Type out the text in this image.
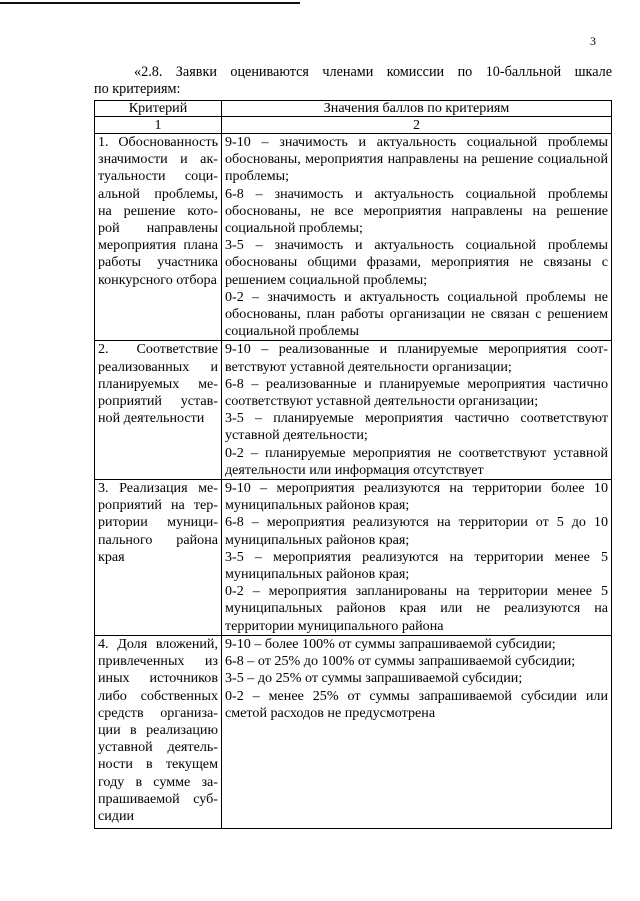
3
«2.8. Заявки оцениваются членами комиссии по 10-балльной шкале
по критериям:
Критерий	Значения баллов по критериям
1	2
1. Обоснованность значимости и актуальности социальной проблемы, на решение которой направлены мероприятия плана работы участника конкурсного отбора	9-10 – значимость и актуальность социальной проблемы обоснованы, мероприятия направлены на решение социальной проблемы;
6-8 – значимость и актуальность социальной проблемы обоснованы, не все мероприятия направлены на решение социальной проблемы;
3-5 – значимость и актуальность социальной проблемы обоснованы общими фразами, мероприятия не связаны с решением социальной проблемы;
0-2 – значимость и актуальность социальной проблемы не обоснованы, план работы организации не связан с решением социальной проблемы

2. Соответствие реализованных и планируемых мероприятий уставной деятельности	9-10 – реализованные и планируемые мероприятия соответствуют уставной деятельности организации;
6-8 – реализованные и планируемые мероприятия частично соответствуют уставной деятельности организации;
3-5 – планируемые мероприятия частично соответствуют уставной деятельности;
0-2 – планируемые мероприятия не соответствуют уставной деятельности или информация отсутствует

3. Реализация мероприятий на территории муниципального района края	9-10 – мероприятия реализуются на территории более 10 муниципальных районов края;
6-8 – мероприятия реализуются на территории от 5 до 10 муниципальных районов края;
3-5 – мероприятия реализуются на территории менее 5 муниципальных районов края;
0-2 – мероприятия запланированы на территории менее 5 муниципальных районов края или не реализуются на территории муниципального района

4. Доля вложений, привлеченных из иных источников либо собственных средств организации в реализацию уставной деятельности в текущем году в сумме запрашиваемой субсидии	9-10 – более 100% от суммы запрашиваемой субсидии;
6-8 – от 25% до 100% от суммы запрашиваемой субсидии;
3-5 – до 25% от суммы запрашиваемой субсидии;
0-2 – менее 25% от суммы запрашиваемой субсидии или сметой расходов не предусмотрена
